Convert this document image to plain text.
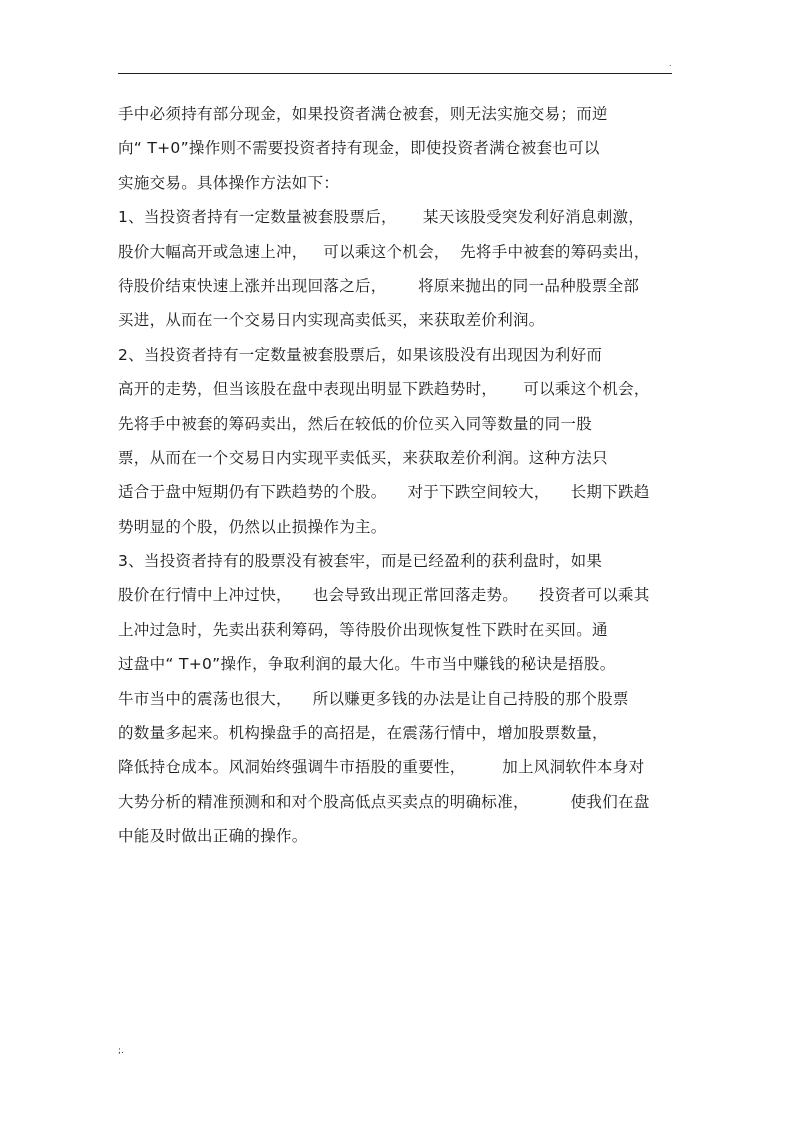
.
手中必须持有部分现金，如果投资者满仓被套，则无法实施交易；而逆
向“ T+0”操作则不需要投资者持有现金，即使投资者满仓被套也可以
实施交易。具体操作方法如下：
1、当投资者持有一定数量被套股票后，     某天该股受突发利好消息刺激，
股价大幅高开或急速上冲，   可以乘这个机会，  先将手中被套的筹码卖出，
待股价结束快速上涨并出现回落之后，      将原来抛出的同一品种股票全部
买进，从而在一个交易日内实现高卖低买，来获取差价利润。
2、当投资者持有一定数量被套股票后，如果该股没有出现因为利好而
高开的走势，但当该股在盘中表现出明显下跌趋势时，     可以乘这个机会，
先将手中被套的筹码卖出，然后在较低的价位买入同等数量的同一股
票，从而在一个交易日内实现平卖低买，来获取差价利润。这种方法只
适合于盘中短期仍有下跌趋势的个股。    对于下跌空间较大，    长期下跌趋
势明显的个股，仍然以止损操作为主。
3、当投资者持有的股票没有被套牢，而是已经盈利的获利盘时，如果
股价在行情中上冲过快，    也会导致出现正常回落走势。    投资者可以乘其
上冲过急时，先卖出获利筹码，等待股价出现恢复性下跌时在买回。通
过盘中“ T+0”操作，争取利润的最大化。牛市当中赚钱的秘诀是捂股。
牛市当中的震荡也很大，    所以赚更多钱的办法是让自己持股的那个股票
的数量多起来。机构操盘手的高招是，在震荡行情中，增加股票数量，
降低持仓成本。风洞始终强调牛市捂股的重要性，       加上风洞软件本身对
大势分析的精准预测和和对个股高低点买卖点的明确标准，        使我们在盘
中能及时做出正确的操作。
;.
